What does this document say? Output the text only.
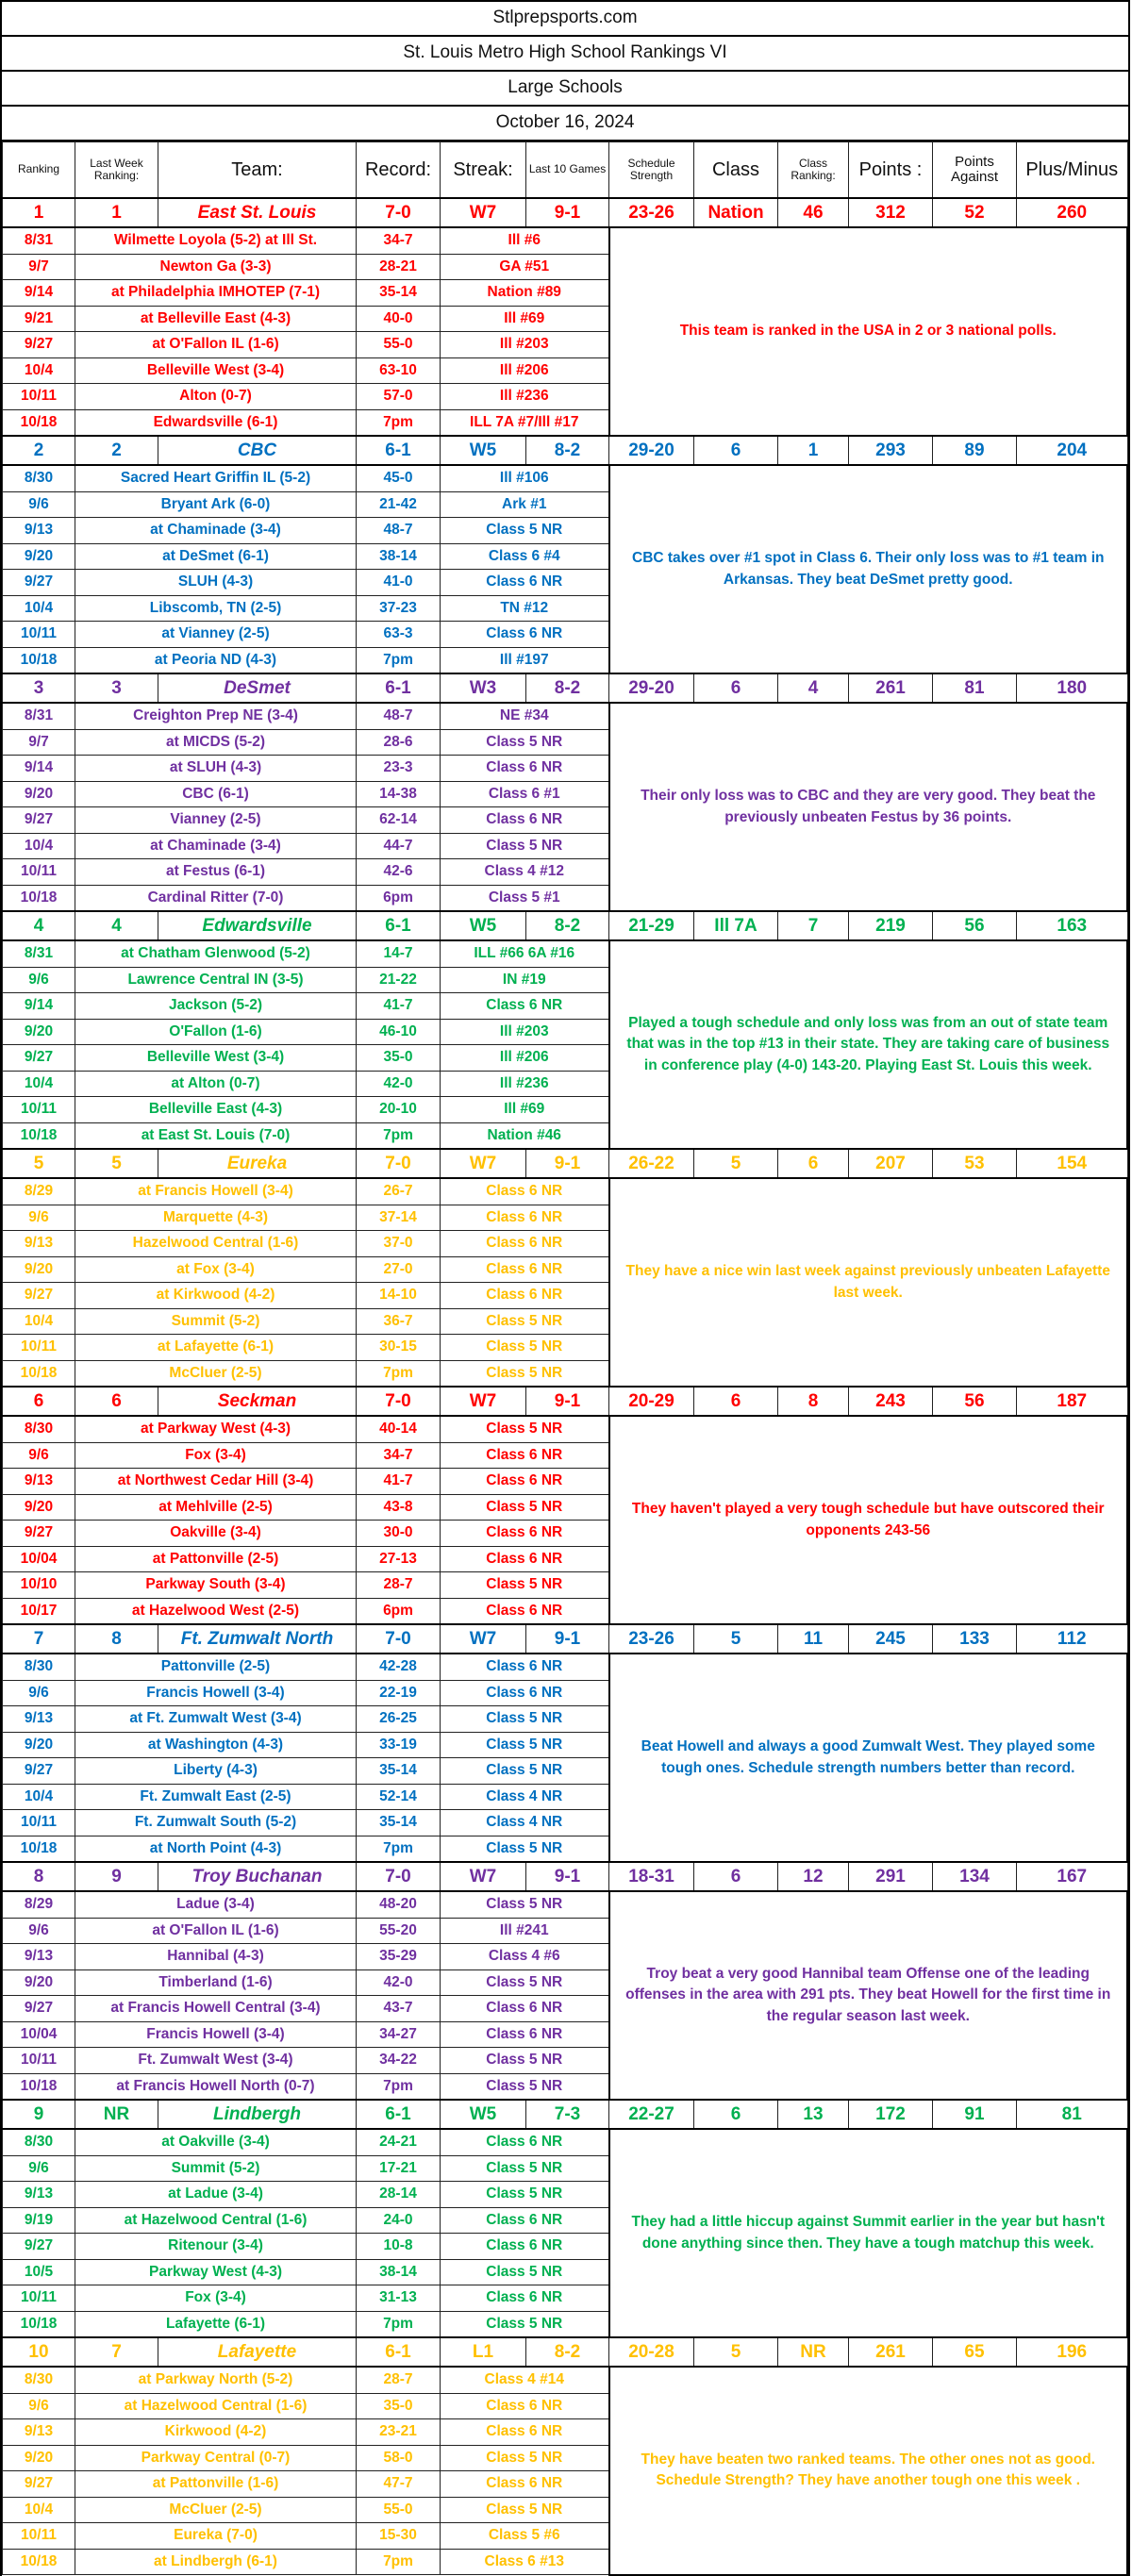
Stlprepsports.com
St. Louis Metro High School Rankings VI
Large Schools
October 16, 2024
Ranking	Last Week Ranking:	Team:	Record:	Streak:	Last 10 Games	Schedule Strength	Class	Class Ranking:	Points :	Points Against	Plus/Minus
1	1	East St. Louis	7-0	W7	9-1	23-26	Nation	46	312	52	260
8/31	Wilmette Loyola (5-2) at Ill St.		34-7	Ill #6		This team is ranked in the USA in 2 or 3 national polls.					
9/7	Newton Ga (3-3)		28-21	GA #51							
9/14	at Philadelphia IMHOTEP (7-1)		35-14	Nation #89							
9/21	at Belleville East (4-3)		40-0	Ill #69							
9/27	at O'Fallon IL (1-6)		55-0	Ill #203							
10/4	Belleville West (3-4)		63-10	Ill #206							
10/11	Alton (0-7)		57-0	Ill #236							
10/18	Edwardsville (6-1)		7pm	ILL 7A #7/Ill #17							
2	2	CBC	6-1	W5	8-2	29-20	6	1	293	89	204
8/30	Sacred Heart Griffin IL (5-2)		45-0	Ill #106		CBC takes over #1 spot in Class 6. Their only loss was to #1 team in Arkansas. They beat DeSmet pretty good.					
9/6	Bryant Ark (6-0)		21-42	Ark #1							
9/13	at Chaminade (3-4)		48-7	Class 5 NR							
9/20	at DeSmet (6-1)		38-14	Class 6 #4							
9/27	SLUH (4-3)		41-0	Class 6 NR							
10/4	Libscomb, TN (2-5)		37-23	TN #12							
10/11	at Vianney (2-5)		63-3	Class 6 NR							
10/18	at Peoria ND (4-3)		7pm	Ill #197							
3	3	DeSmet	6-1	W3	8-2	29-20	6	4	261	81	180
8/31	Creighton Prep NE (3-4)		48-7	NE #34		Their only loss was to CBC and they are very good. They beat the previously unbeaten Festus by 36 points.					
9/7	at MICDS (5-2)		28-6	Class 5 NR							
9/14	at SLUH (4-3)		23-3	Class 6 NR							
9/20	CBC (6-1)		14-38	Class 6 #1							
9/27	Vianney (2-5)		62-14	Class 6 NR							
10/4	at Chaminade (3-4)		44-7	Class 5 NR							
10/11	at Festus (6-1)		42-6	Class 4 #12							
10/18	Cardinal Ritter (7-0)		6pm	Class 5 #1							
4	4	Edwardsville	6-1	W5	8-2	21-29	Ill 7A	7	219	56	163
8/31	at Chatham Glenwood (5-2)		14-7	ILL #66 6A #16		Played a tough schedule and only loss was from an out of state team that was in the top #13 in their state. They are taking care of business in conference play (4-0) 143-20. Playing East St. Louis this week.					
9/6	Lawrence Central IN (3-5)		21-22	IN #19							
9/14	Jackson (5-2)		41-7	Class 6 NR							
9/20	O'Fallon (1-6)		46-10	Ill #203							
9/27	Belleville West (3-4)		35-0	Ill #206							
10/4	at Alton (0-7)		42-0	Ill #236							
10/11	Belleville East (4-3)		20-10	Ill #69							
10/18	at East St. Louis (7-0)		7pm	Nation #46							
5	5	Eureka	7-0	W7	9-1	26-22	5	6	207	53	154
8/29	at Francis Howell (3-4)		26-7	Class 6 NR		They have a nice win last week against previously unbeaten Lafayette last week.					
9/6	Marquette (4-3)		37-14	Class 6 NR							
9/13	Hazelwood Central (1-6)		37-0	Class 6 NR							
9/20	at Fox (3-4)		27-0	Class 6 NR							
9/27	at Kirkwood (4-2)		14-10	Class 6 NR							
10/4	Summit (5-2)		36-7	Class 5 NR							
10/11	at Lafayette (6-1)		30-15	Class 5 NR							
10/18	McCluer (2-5)		7pm	Class 5 NR							
6	6	Seckman	7-0	W7	9-1	20-29	6	8	243	56	187
8/30	at Parkway West (4-3)		40-14	Class 5 NR		They haven't played a very tough schedule but have outscored their opponents 243-56					
9/6	Fox (3-4)		34-7	Class 6 NR							
9/13	at Northwest Cedar Hill (3-4)		41-7	Class 6 NR							
9/20	at Mehlville (2-5)		43-8	Class 5 NR							
9/27	Oakville (3-4)		30-0	Class 6 NR							
10/04	at Pattonville (2-5)		27-13	Class 6 NR							
10/10	Parkway South (3-4)		28-7	Class 5 NR							
10/17	at Hazelwood West (2-5)		6pm	Class 6 NR							
7	8	Ft. Zumwalt North	7-0	W7	9-1	23-26	5	11	245	133	112
8/30	Pattonville (2-5)		42-28	Class 6 NR		Beat Howell and always a good Zumwalt West. They played some tough ones. Schedule strength numbers better than record.					
9/6	Francis Howell (3-4)		22-19	Class 6 NR							
9/13	at Ft. Zumwalt West (3-4)		26-25	Class 5 NR							
9/20	at Washington (4-3)		33-19	Class 5 NR							
9/27	Liberty (4-3)		35-14	Class 5 NR							
10/4	Ft. Zumwalt East (2-5)		52-14	Class 4 NR							
10/11	Ft. Zumwalt South (5-2)		35-14	Class 4 NR							
10/18	at North Point (4-3)		7pm	Class 5 NR							
8	9	Troy Buchanan	7-0	W7	9-1	18-31	6	12	291	134	167
8/29	Ladue (3-4)		48-20	Class 5 NR		Troy beat a very good Hannibal team Offense one of the leading offenses in the area with 291 pts. They beat Howell for the first time in the regular season last week.					
9/6	at O'Fallon IL (1-6)		55-20	Ill #241							
9/13	Hannibal (4-3)		35-29	Class 4 #6							
9/20	Timberland (1-6)		42-0	Class 5 NR							
9/27	at Francis Howell Central (3-4)		43-7	Class 6 NR							
10/04	Francis Howell (3-4)		34-27	Class 6 NR							
10/11	Ft. Zumwalt West (3-4)		34-22	Class 5 NR							
10/18	at Francis Howell North (0-7)		7pm	Class 5 NR							
9	NR	Lindbergh	6-1	W5	7-3	22-27	6	13	172	91	81
8/30	at Oakville (3-4)		24-21	Class 6 NR		They had a little hiccup against Summit earlier in the year but hasn't done anything since then. They have a tough matchup this week.					
9/6	Summit (5-2)		17-21	Class 5 NR							
9/13	at Ladue (3-4)		28-14	Class 5 NR							
9/19	at Hazelwood Central (1-6)		24-0	Class 6 NR							
9/27	Ritenour (3-4)		10-8	Class 6 NR							
10/5	Parkway West (4-3)		38-14	Class 5 NR							
10/11	Fox (3-4)		31-13	Class 6 NR							
10/18	Lafayette (6-1)		7pm	Class 5 NR							
10	7	Lafayette	6-1	L1	8-2	20-28	5	NR	261	65	196
8/30	at Parkway North (5-2)		28-7	Class 4 #14		They have beaten two ranked teams. The other ones not as good. Schedule Strength? They have another tough one this week .					
9/6	at Hazelwood Central (1-6)		35-0	Class 6 NR							
9/13	Kirkwood (4-2)		23-21	Class 6 NR							
9/20	Parkway Central (0-7)		58-0	Class 5 NR							
9/27	at Pattonville (1-6)		47-7	Class 6 NR							
10/4	McCluer (2-5)		55-0	Class 5 NR							
10/11	Eureka (7-0)		15-30	Class 5 #6							
10/18	at Lindbergh (6-1)		7pm	Class 6 #13							
